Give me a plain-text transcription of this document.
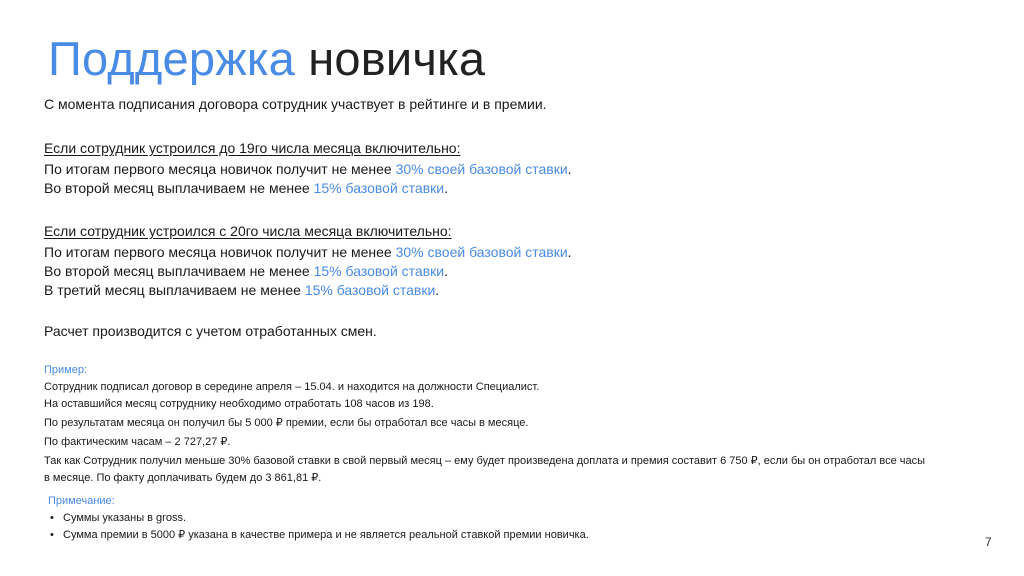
Поддержка новичка
С момента подписания договора сотрудник участвует в рейтинге и в премии.
Если сотрудник устроился до 19го числа месяца включительно:
По итогам первого месяца новичок получит не менее 30% своей базовой ставки.
Во второй месяц выплачиваем не менее 15% базовой ставки.
Если сотрудник устроился с 20го числа месяца включительно:
По итогам первого месяца новичок получит не менее 30% своей базовой ставки.
Во второй месяц выплачиваем не менее 15% базовой ставки.
В третий месяц выплачиваем не менее 15% базовой ставки.
Расчет производится с учетом отработанных смен.
Пример:
Сотрудник подписал договор в середине апреля – 15.04. и находится на должности Специалист.
На оставшийся месяц сотруднику необходимо отработать 108 часов из 198.
По результатам месяца он получил бы 5 000 ₽ премии, если бы отработал все часы в месяце.
По фактическим часам – 2 727,27 ₽.
Так как Сотрудник получил меньше 30% базовой ставки в свой первый месяц – ему будет произведена доплата и премия составит 6 750 ₽, если бы он отработал все часы
в месяце. По факту доплачивать будем до 3 861,81 ₽.
Примечание:
• Суммы указаны в gross.
• Сумма премии в 5000 ₽ указана в качестве примера и не является реальной ставкой премии новичка.	7
